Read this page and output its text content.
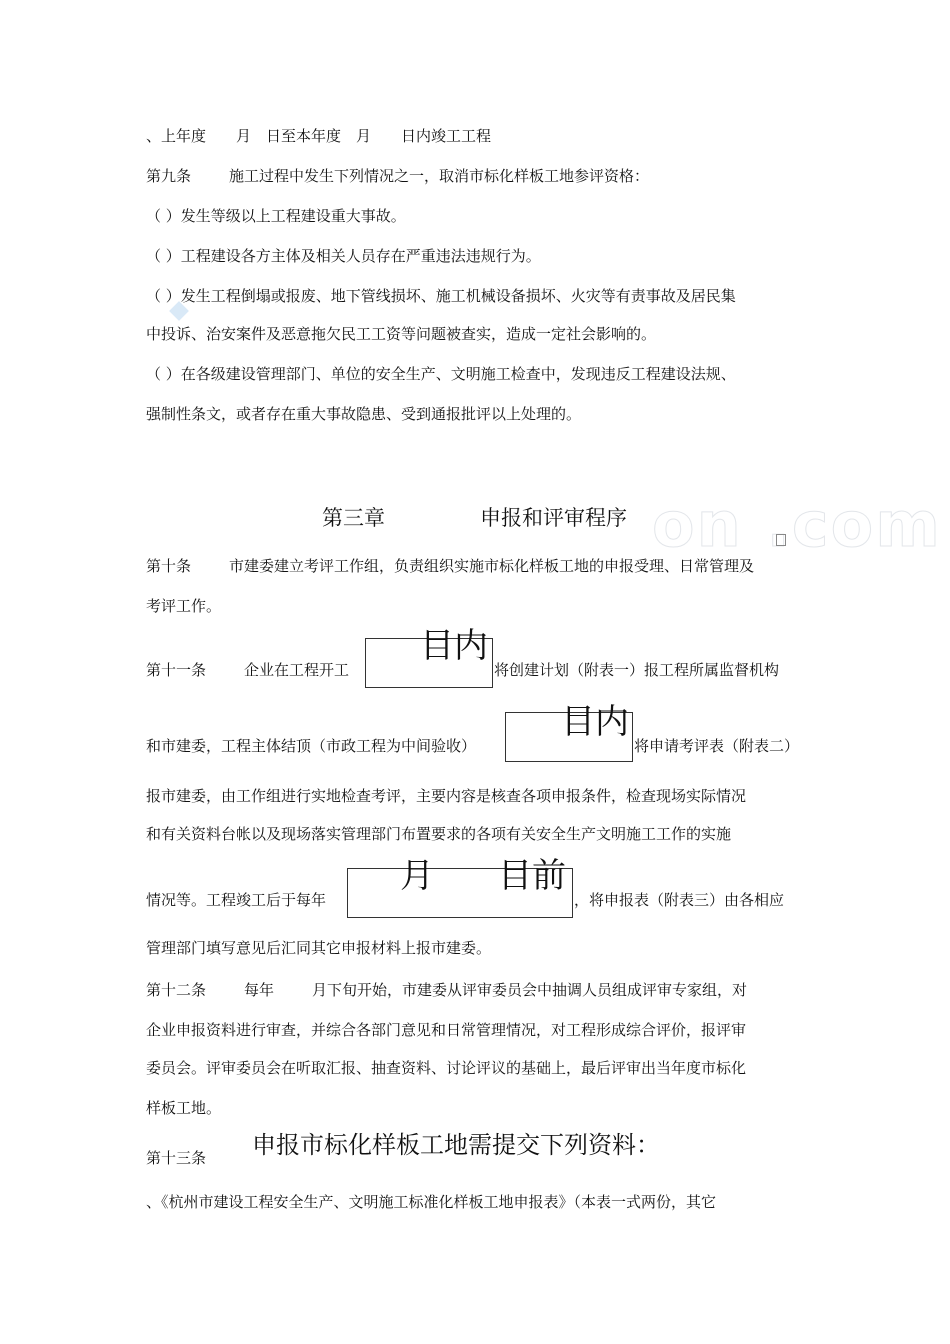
on .com
、上年度　　月　日至本年度　月　　日内竣工工程
第九条	施工过程中发生下列情况之一，取消市标化样板工地参评资格：
（ ）发生等级以上工程建设重大事故。
（ ）工程建设各方主体及相关人员存在严重违法违规行为。
（ ）发生工程倒塌或报废、地下管线损坏、施工机械设备损坏、火灾等有责事故及居民集
中投诉、治安案件及恶意拖欠民工工资等问题被查实，造成一定社会影响的。
（ ）在各级建设管理部门、单位的安全生产、文明施工检查中，发现违反工程建设法规、
强制性条文，或者存在重大事故隐患、受到通报批评以上处理的。
第三章	申报和评审程序
第十条	市建委建立考评工作组，负责组织实施市标化样板工地的申报受理、日常管理及
考评工作。
第十一条	企业在工程开工
目内
将创建计划（附表一）报工程所属监督机构
和市建委，工程主体结顶（市政工程为中间验收）
目内
将申请考评表（附表二）
报市建委，由工作组进行实地检查考评，主要内容是核查各项申报条件，检查现场实际情况
和有关资料台帐以及现场落实管理部门布置要求的各项有关安全生产文明施工工作的实施
情况等。工程竣工后于每年
月 目前
，将申报表（附表三）由各相应
管理部门填写意见后汇同其它申报材料上报市建委。
第十二条	每年	月下旬开始，市建委从评审委员会中抽调人员组成评审专家组，对
企业申报资料进行审查，并综合各部门意见和日常管理情况，对工程形成综合评价，报评审
委员会。评审委员会在听取汇报、抽查资料、讨论评议的基础上，最后评审出当年度市标化
样板工地。
申报市标化样板工地需提交下列资料：
第十三条
、《杭州市建设工程安全生产、文明施工标准化样板工地申报表》（本表一式两份，其它
